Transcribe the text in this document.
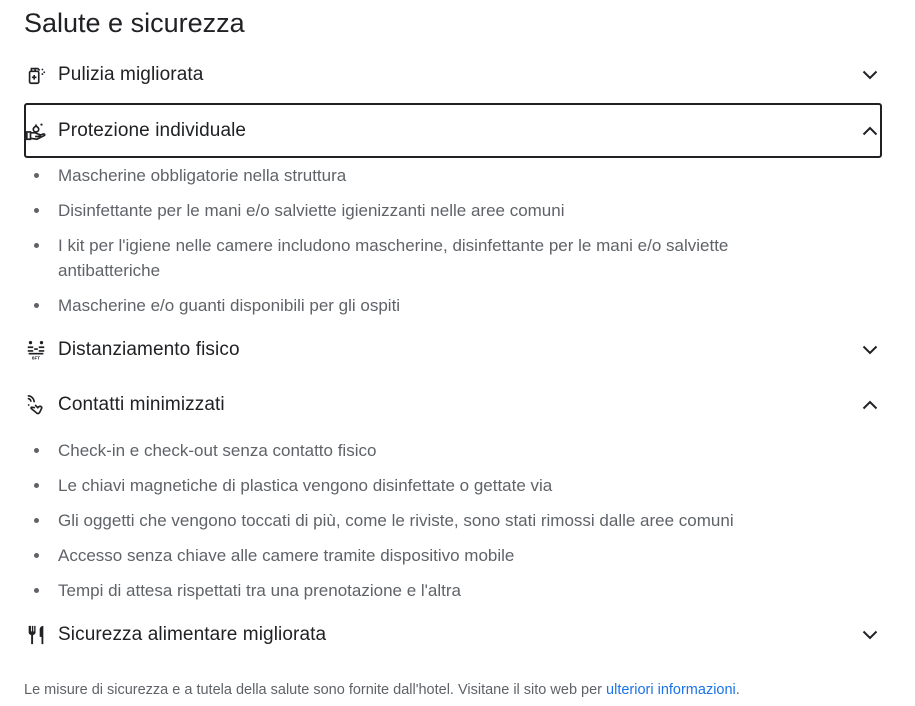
Salute e sicurezza
Pulizia migliorata
Protezione individuale
Mascherine obbligatorie nella struttura
Disinfettante per le mani e/o salviette igienizzanti nelle aree comuni
I kit per l'igiene nelle camere includono mascherine, disinfettante per le mani e/o salviette antibatteriche
Mascherine e/o guanti disponibili per gli ospiti
6FT Distanziamento fisico
Contatti minimizzati
Check-in e check-out senza contatto fisico
Le chiavi magnetiche di plastica vengono disinfettate o gettate via
Gli oggetti che vengono toccati di più, come le riviste, sono stati rimossi dalle aree comuni
Accesso senza chiave alle camere tramite dispositivo mobile
Tempi di attesa rispettati tra una prenotazione e l'altra
Sicurezza alimentare migliorata
Le misure di sicurezza e a tutela della salute sono fornite dall'hotel. Visitane il sito web per ulteriori informazioni.
